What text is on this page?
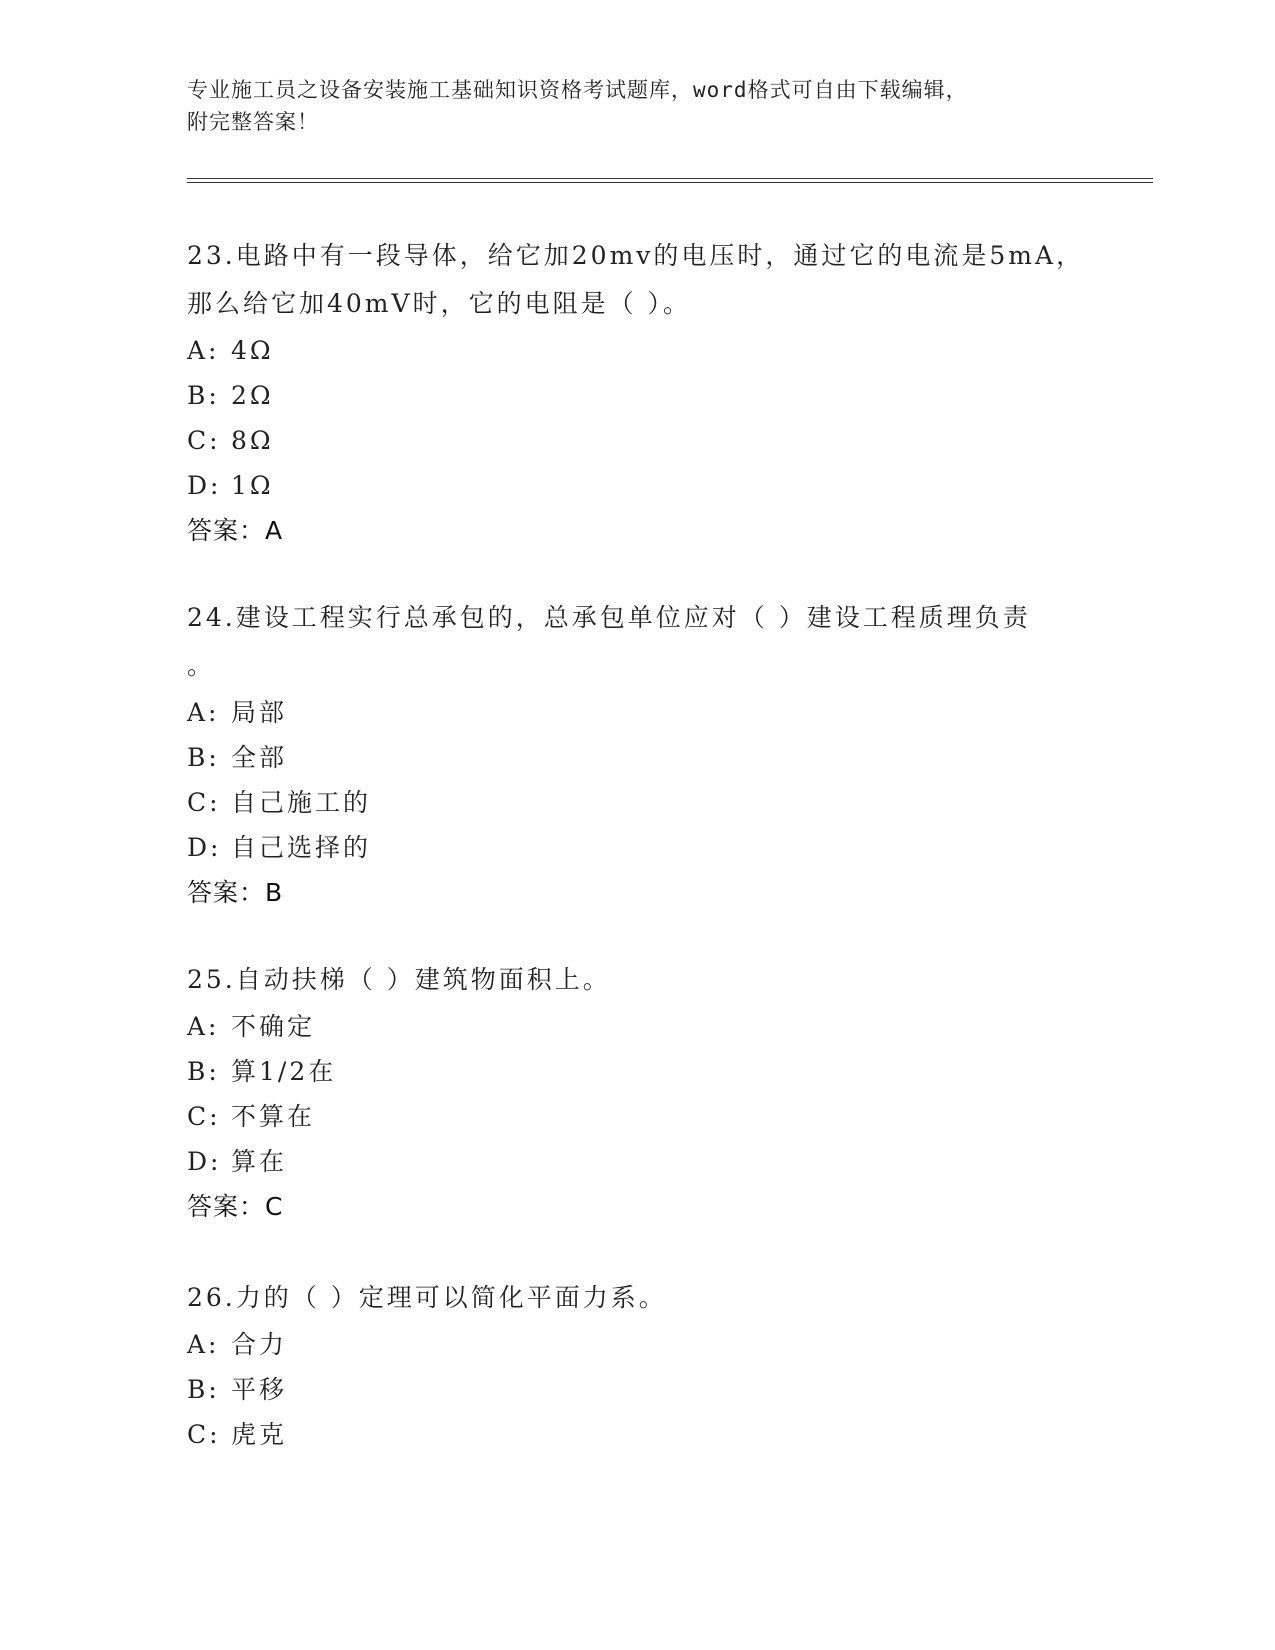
专业施工员之设备安装施工基础知识资格考试题库，word格式可自由下载编辑，
附完整答案！
23.电路中有一段导体，给它加20mv的电压时，通过它的电流是5mA，
那么给它加40mV时，它的电阻是（ ）。
A: 4Ω
B: 2Ω
C: 8Ω
D: 1Ω
答案：A
24.建设工程实行总承包的，总承包单位应对（ ）建设工程质理负责
。
A: 局部
B: 全部
C: 自己施工的
D: 自己选择的
答案：B
25.自动扶梯（ ）建筑物面积上。
A: 不确定
B: 算1/2在
C: 不算在
D: 算在
答案：C
26.力的（ ）定理可以简化平面力系。
A: 合力
B: 平移
C: 虎克
